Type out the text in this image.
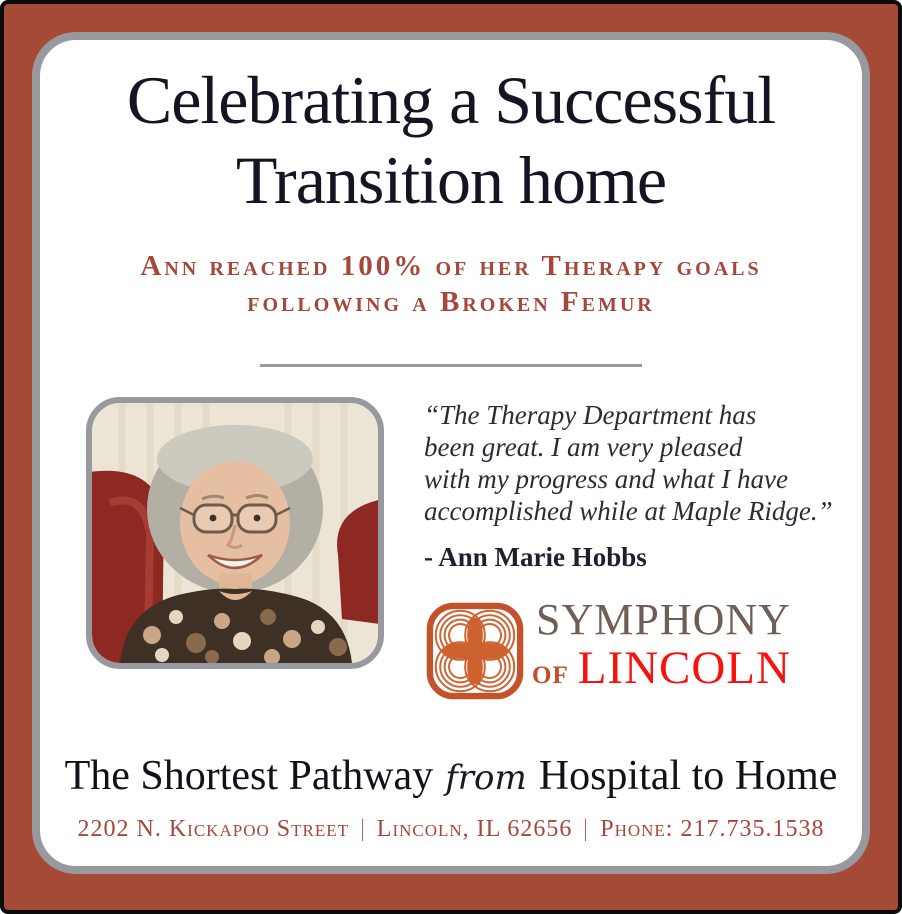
Celebrating a Successful
Transition home
Ann reached 100% of her Therapy goals
following a Broken Femur
“The Therapy Department has
been great. I am very pleased
with my progress and what I have
accomplished while at Maple Ridge.”
- Ann Marie Hobbs
SYMPHONY
OF LINCOLN
The Shortest Pathway from Hospital to Home
2202 N. Kickapoo Street | Lincoln, IL 62656 | Phone: 217.735.1538
